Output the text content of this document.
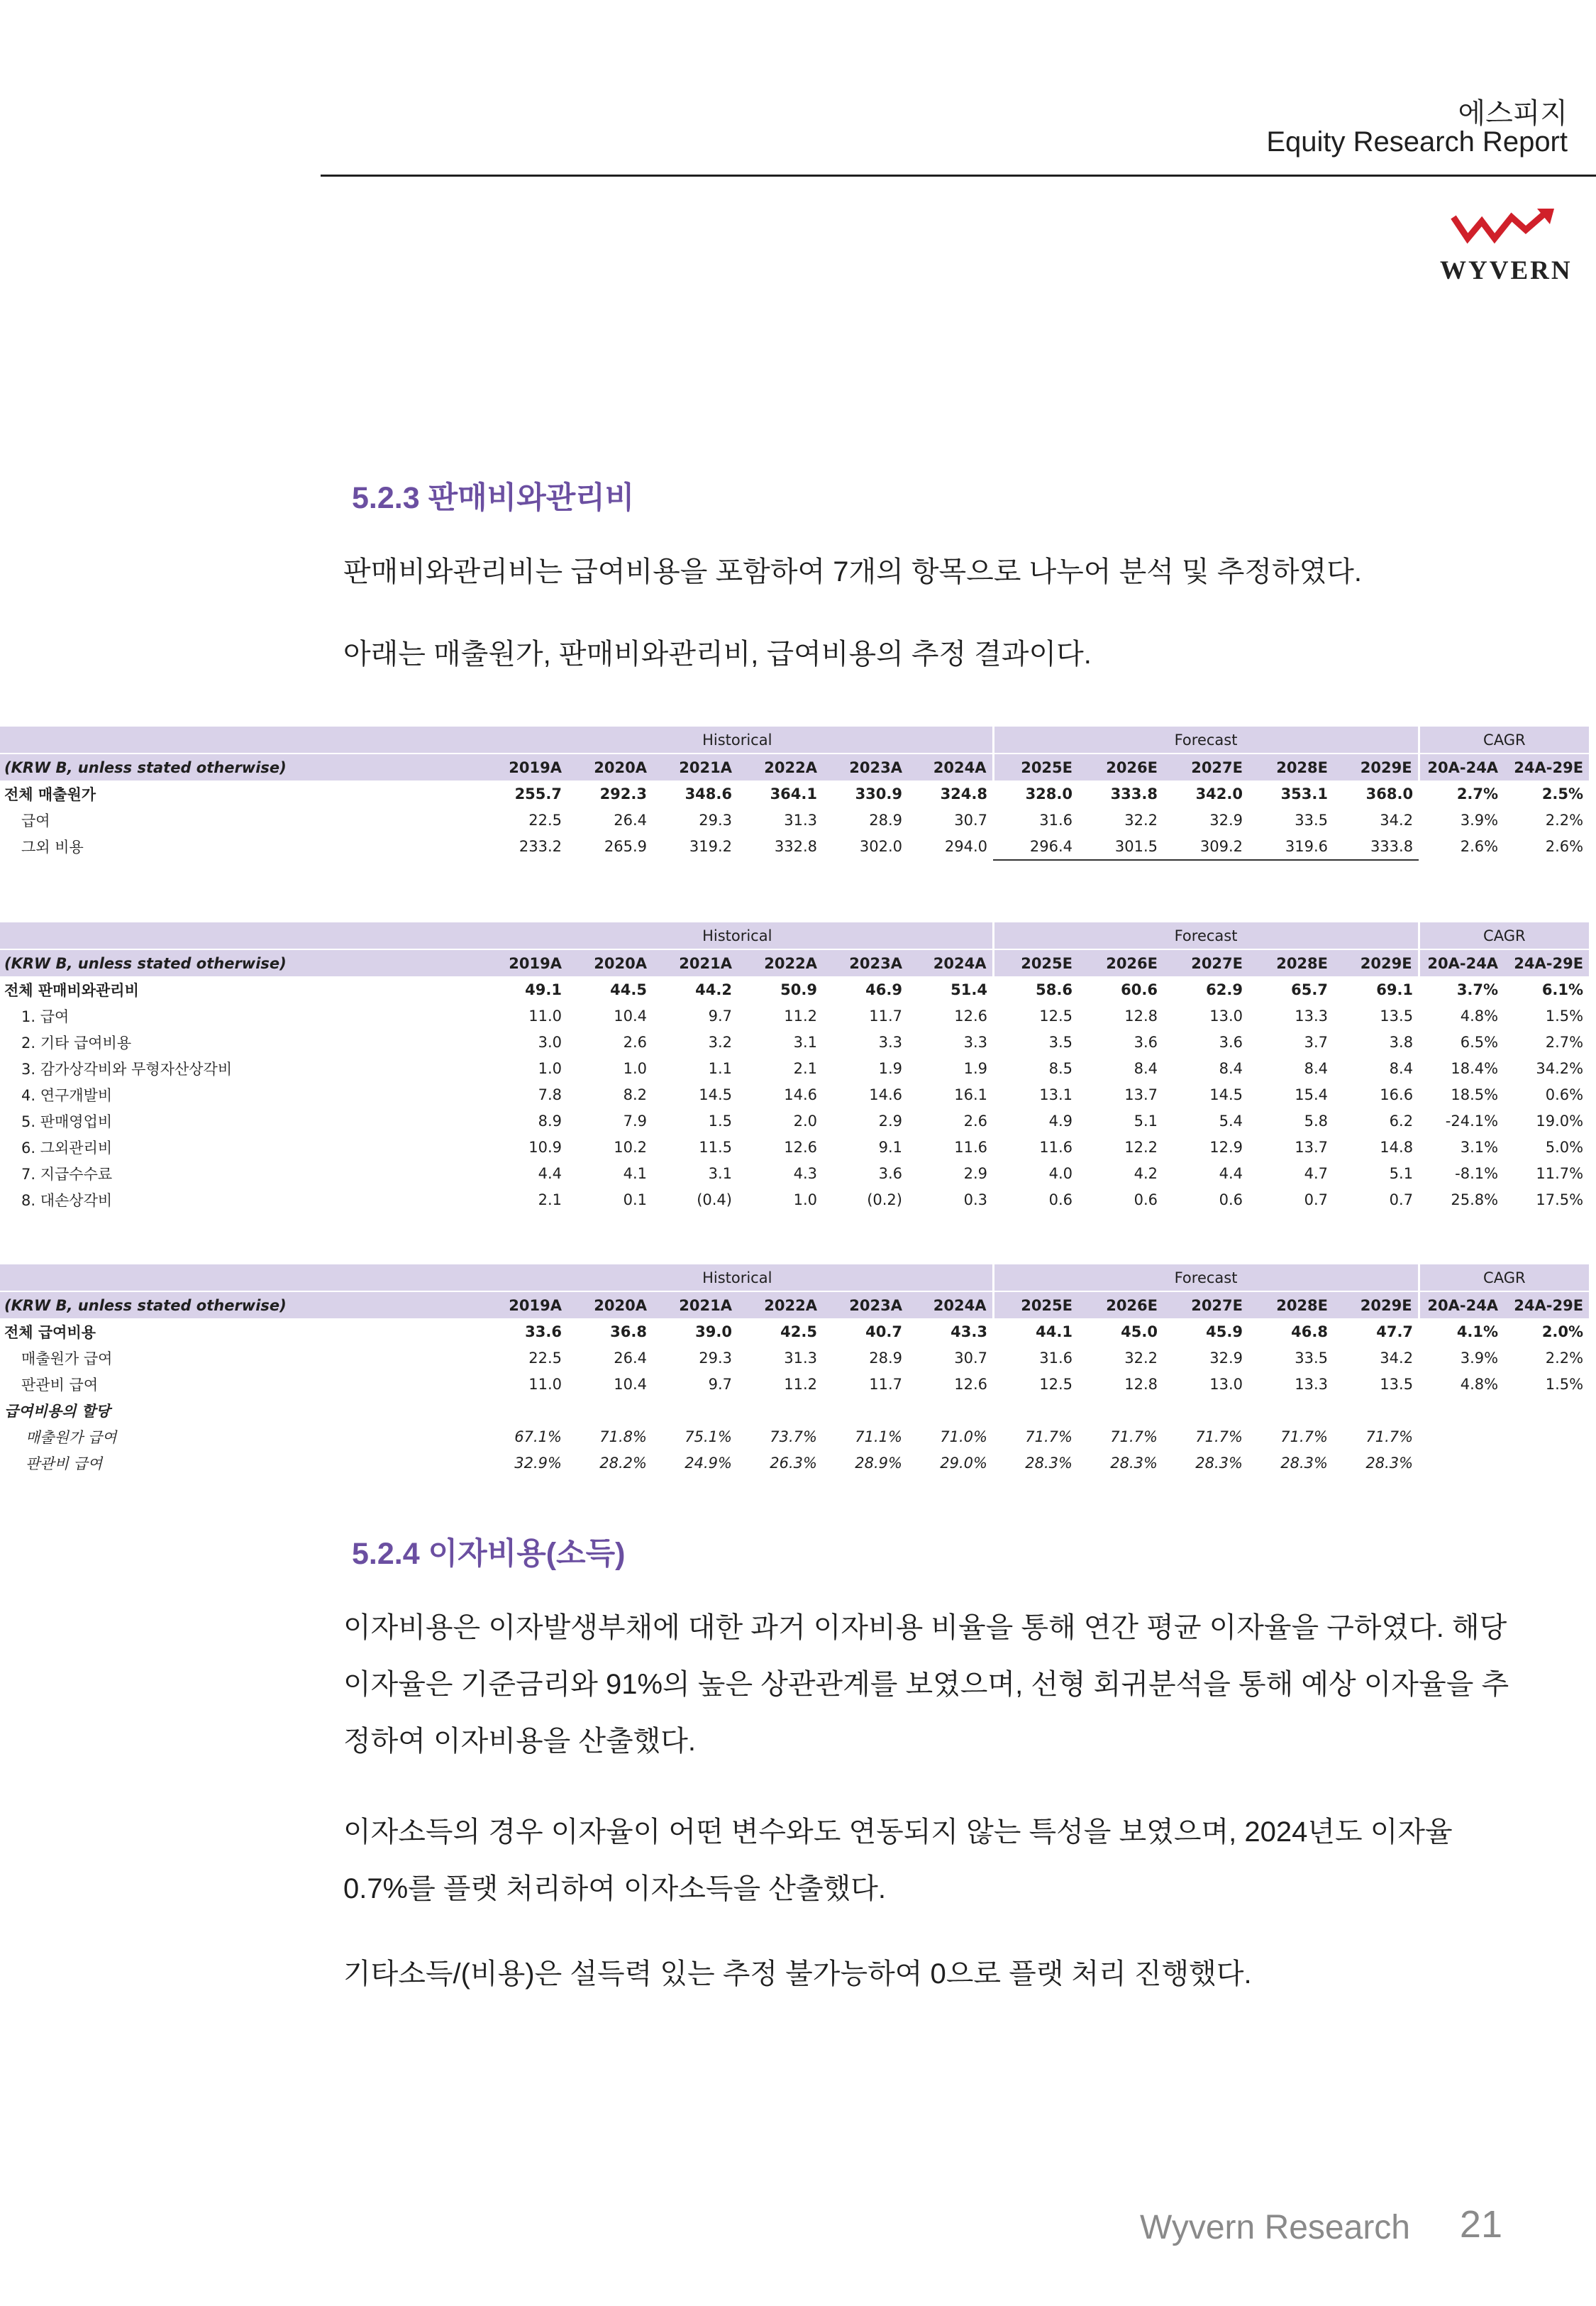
에스피지
Equity Research Report
WYVERN
5.2.3 판매비와관리비
판매비와관리비는 급여비용을 포함하여 7개의 항목으로 나누어 분석 및 추정하였다.
아래는 매출원가, 판매비와관리비, 급여비용의 추정 결과이다.
	Historical						Forecast					CAGR	
(KRW B, unless stated otherwise)	2019A	2020A	2021A	2022A	2023A	2024A	2025E	2026E	2027E	2028E	2029E	20A-24A	24A-29E
전체 매출원가	255.7	292.3	348.6	364.1	330.9	324.8	328.0	333.8	342.0	353.1	368.0	2.7%	2.5%
급여	22.5	26.4	29.3	31.3	28.9	30.7	31.6	32.2	32.9	33.5	34.2	3.9%	2.2%
그외 비용	233.2	265.9	319.2	332.8	302.0	294.0	296.4	301.5	309.2	319.6	333.8	2.6%	2.6%
	Historical						Forecast					CAGR	
(KRW B, unless stated otherwise)	2019A	2020A	2021A	2022A	2023A	2024A	2025E	2026E	2027E	2028E	2029E	20A-24A	24A-29E
전체 판매비와관리비	49.1	44.5	44.2	50.9	46.9	51.4	58.6	60.6	62.9	65.7	69.1	3.7%	6.1%
1. 급여	11.0	10.4	9.7	11.2	11.7	12.6	12.5	12.8	13.0	13.3	13.5	4.8%	1.5%
2. 기타 급여비용	3.0	2.6	3.2	3.1	3.3	3.3	3.5	3.6	3.6	3.7	3.8	6.5%	2.7%
3. 감가상각비와 무형자산상각비	1.0	1.0	1.1	2.1	1.9	1.9	8.5	8.4	8.4	8.4	8.4	18.4%	34.2%
4. 연구개발비	7.8	8.2	14.5	14.6	14.6	16.1	13.1	13.7	14.5	15.4	16.6	18.5%	0.6%
5. 판매영업비	8.9	7.9	1.5	2.0	2.9	2.6	4.9	5.1	5.4	5.8	6.2	-24.1%	19.0%
6. 그외관리비	10.9	10.2	11.5	12.6	9.1	11.6	11.6	12.2	12.9	13.7	14.8	3.1%	5.0%
7. 지급수수료	4.4	4.1	3.1	4.3	3.6	2.9	4.0	4.2	4.4	4.7	5.1	-8.1%	11.7%
8. 대손상각비	2.1	0.1	(0.4)	1.0	(0.2)	0.3	0.6	0.6	0.6	0.7	0.7	25.8%	17.5%
	Historical						Forecast					CAGR	
(KRW B, unless stated otherwise)	2019A	2020A	2021A	2022A	2023A	2024A	2025E	2026E	2027E	2028E	2029E	20A-24A	24A-29E
전체 급여비용	33.6	36.8	39.0	42.5	40.7	43.3	44.1	45.0	45.9	46.8	47.7	4.1%	2.0%
매출원가 급여	22.5	26.4	29.3	31.3	28.9	30.7	31.6	32.2	32.9	33.5	34.2	3.9%	2.2%
판관비 급여	11.0	10.4	9.7	11.2	11.7	12.6	12.5	12.8	13.0	13.3	13.5	4.8%	1.5%
급여비용의 할당													
매출원가 급여	67.1%	71.8%	75.1%	73.7%	71.1%	71.0%	71.7%	71.7%	71.7%	71.7%	71.7%		
판관비 급여	32.9%	28.2%	24.9%	26.3%	28.9%	29.0%	28.3%	28.3%	28.3%	28.3%	28.3%		
5.2.4 이자비용(소득)
이자비용은 이자발생부채에 대한 과거 이자비용 비율을 통해 연간 평균 이자율을 구하였다. 해당 이자율은 기준금리와 91%의 높은 상관관계를 보였으며, 선형 회귀분석을 통해 예상 이자율을 추정하여 이자비용을 산출했다.
이자소득의 경우 이자율이 어떤 변수와도 연동되지 않는 특성을 보였으며, 2024년도 이자율 0.7%를 플랫 처리하여 이자소득을 산출했다.
기타소득/(비용)은 설득력 있는 추정 불가능하여 0으로 플랫 처리 진행했다.
Wyvern Research 21
